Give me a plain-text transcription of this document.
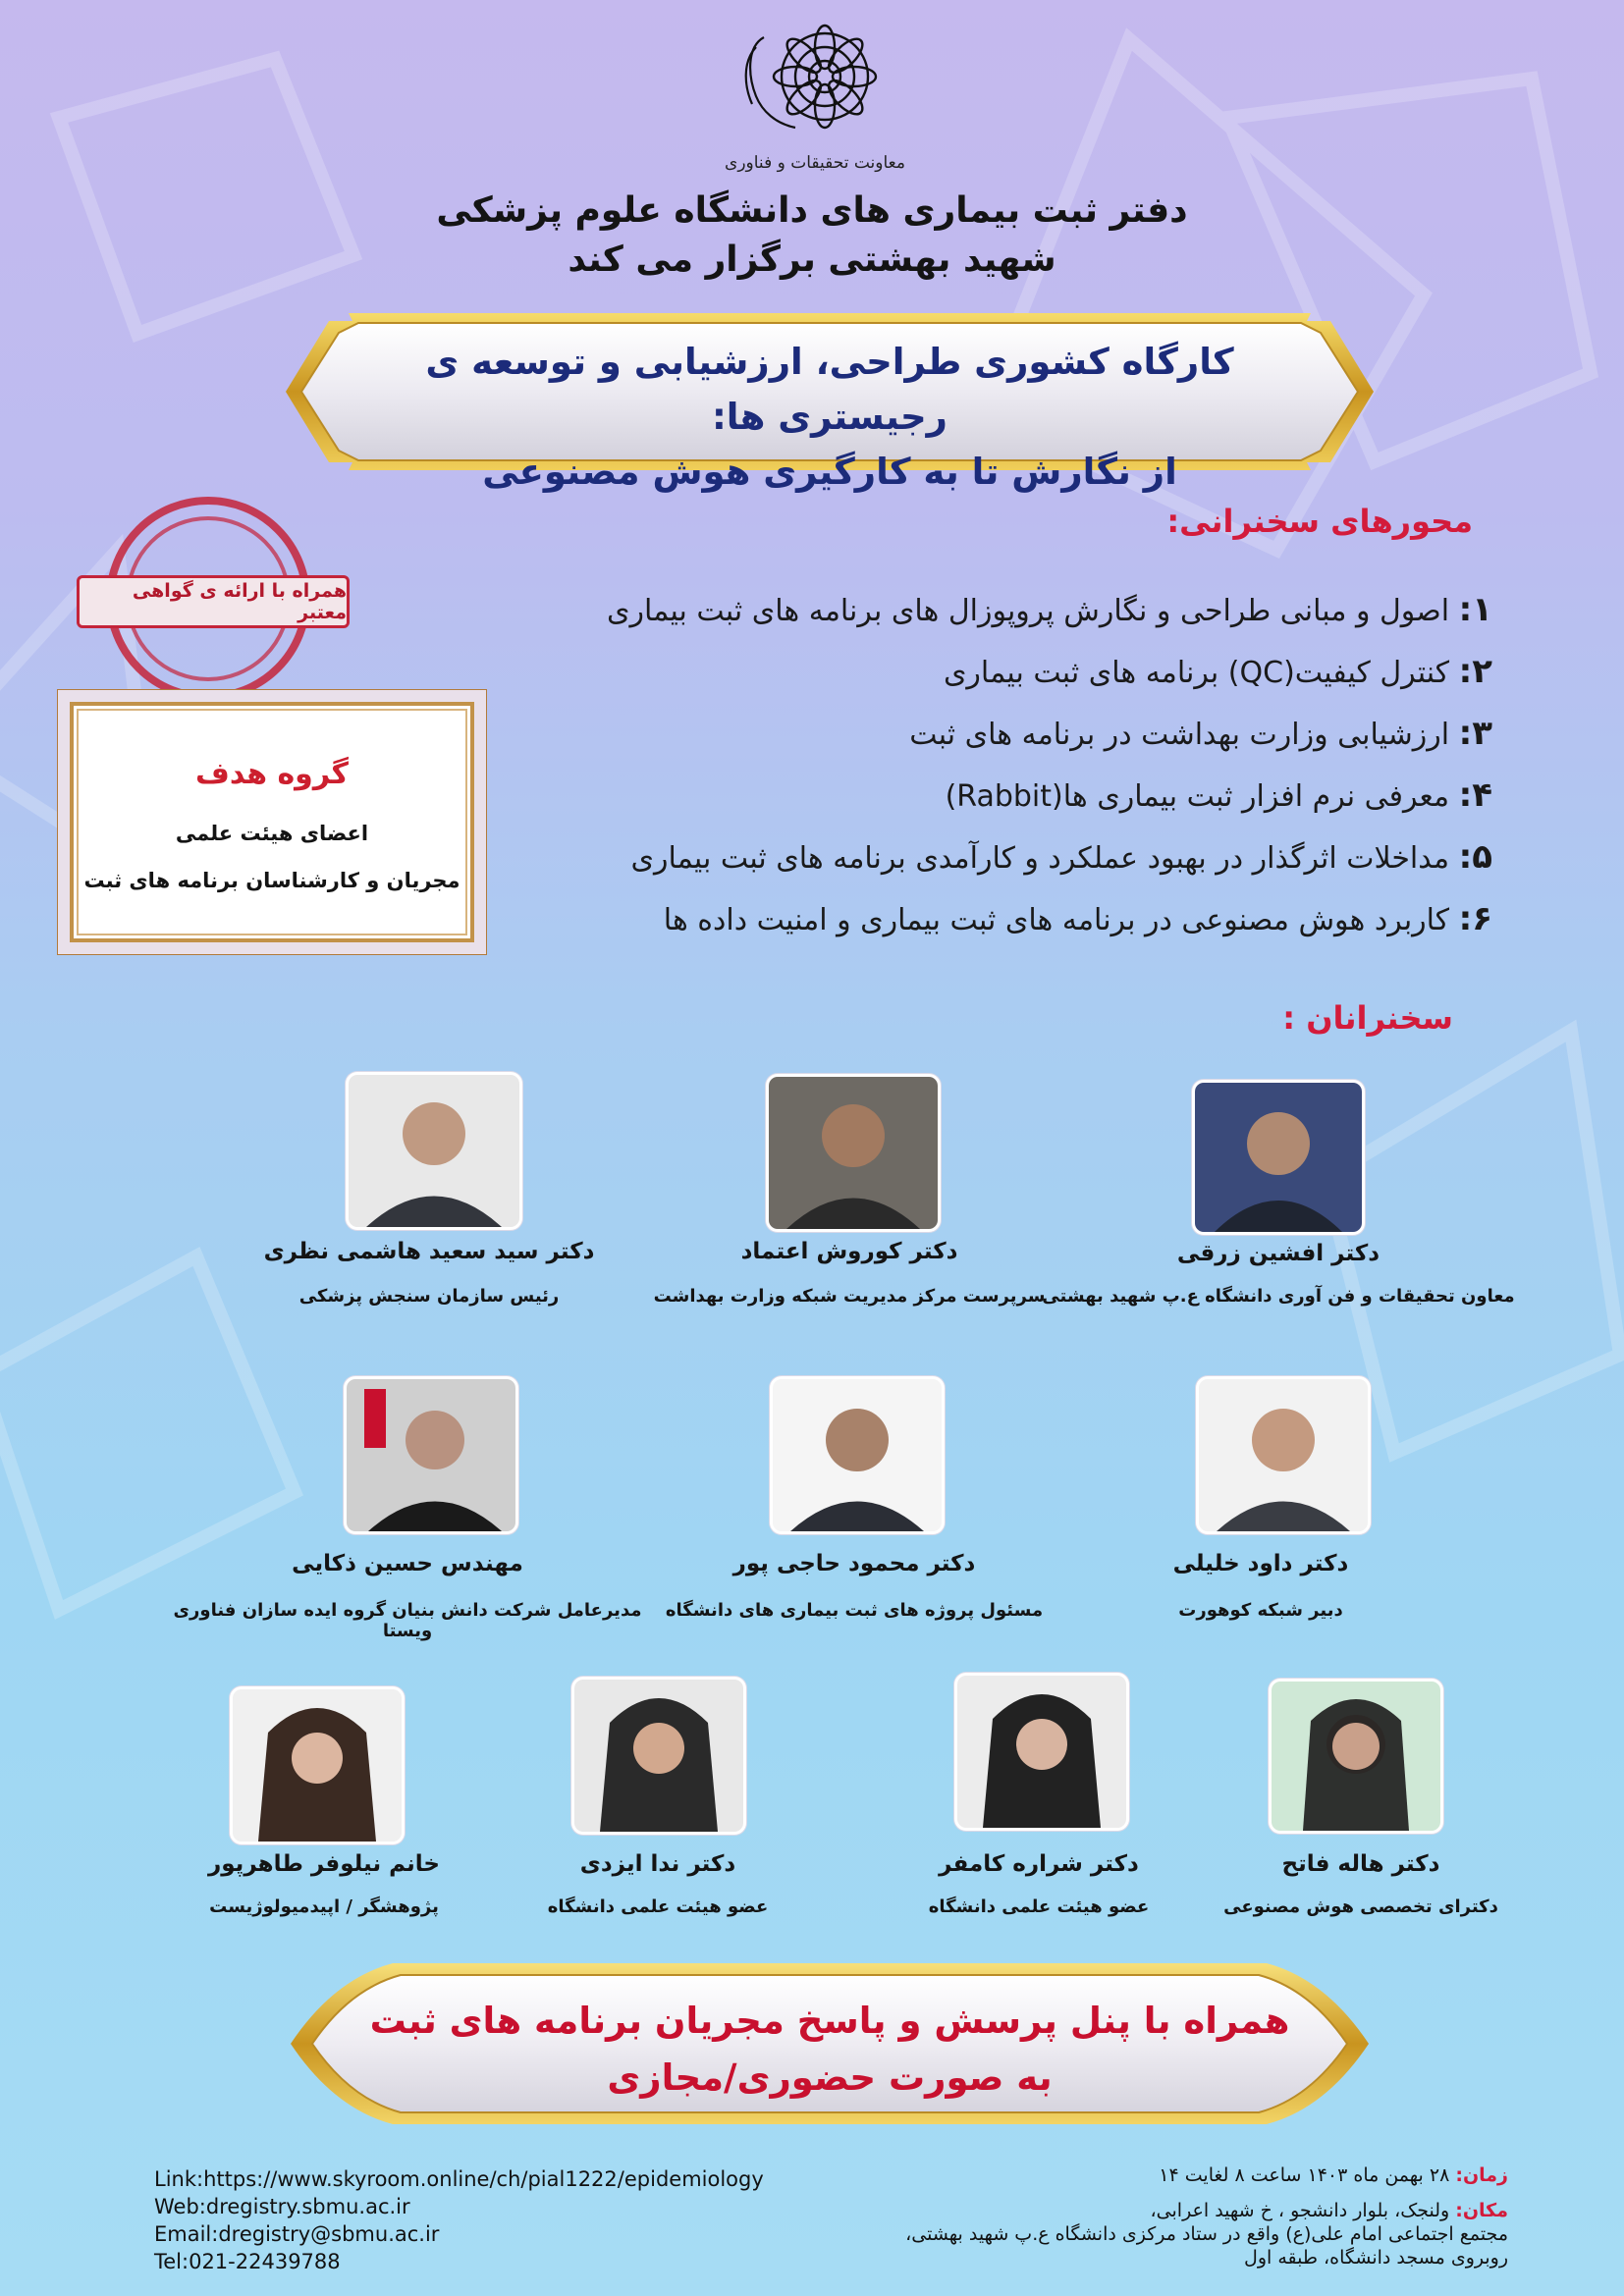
معاونت تحقیقات و فناوری
دفتر ثبت بیماری های دانشگاه علوم پزشکی
شهید بهشتی برگزار می کند
کارگاه کشوری طراحی، ارزشیابی و توسعه ی رجیستری ها:
از نگارش تا به کارگیری هوش مصنوعی
همراه با ارائه ی گواهی معتبر
گروه هدف
اعضای هیئت علمی
مجریان و کارشناسان برنامه های ثبت
محورهای سخنرانی:
۱: اصول و مبانی طراحی و نگارش پروپوزال های برنامه های ثبت بیماری
۲: کنترل کیفیت(QC) برنامه های ثبت بیماری
۳: ارزشیابی وزارت بهداشت در برنامه های ثبت
۴: معرفی نرم افزار ثبت بیماری ها(Rabbit)
۵: مداخلات اثرگذار در بهبود عملکرد و کارآمدی برنامه های ثبت بیماری
۶: کاربرد هوش مصنوعی در برنامه های ثبت بیماری و امنیت داده ها
سخنرانان :
دکتر افشین زرقی
معاون تحقیقات و فن آوری دانشگاه ع.پ شهید بهشتی
دکتر کوروش اعتماد
سرپرست مرکز مدیریت شبکه وزارت بهداشت
دکتر سید سعید هاشمی نظری
رئیس سازمان سنجش پزشکی
دکتر داود خلیلی
دبیر شبکه کوهورت
دکتر محمود حاجی پور
مسئول پروژه های ثبت بیماری های دانشگاه
مهندس حسین ذکایی
مدیرعامل شرکت دانش بنیان گروه ایده سازان فناوری ویستا
دکتر هاله فاتح
دکترای تخصصی هوش مصنوعی
دکتر شراره کامفر
عضو هیئت علمی دانشگاه
دکتر ندا ایزدی
عضو هیئت علمی دانشگاه
خانم نیلوفر طاهرپور
پژوهشگر / اپیدمیولوژیست
همراه با پنل پرسش و پاسخ مجریان برنامه های ثبت
به صورت حضوری/مجازی
Link:https://www.skyroom.online/ch/pial1222/epidemiology
Web:dregistry.sbmu.ac.ir
Email:dregistry@sbmu.ac.ir
Tel:021-22439788
زمان: ۲۸ بهمن ماه ۱۴۰۳ ساعت ۸ لغایت ۱۴
مکان: ولنجک، بلوار دانشجو ، خ شهید اعرابی،
مجتمع اجتماعی امام علی(ع) واقع در ستاد مرکزی دانشگاه ع.پ شهید بهشتی،
روبروی مسجد دانشگاه، طبقه اول
